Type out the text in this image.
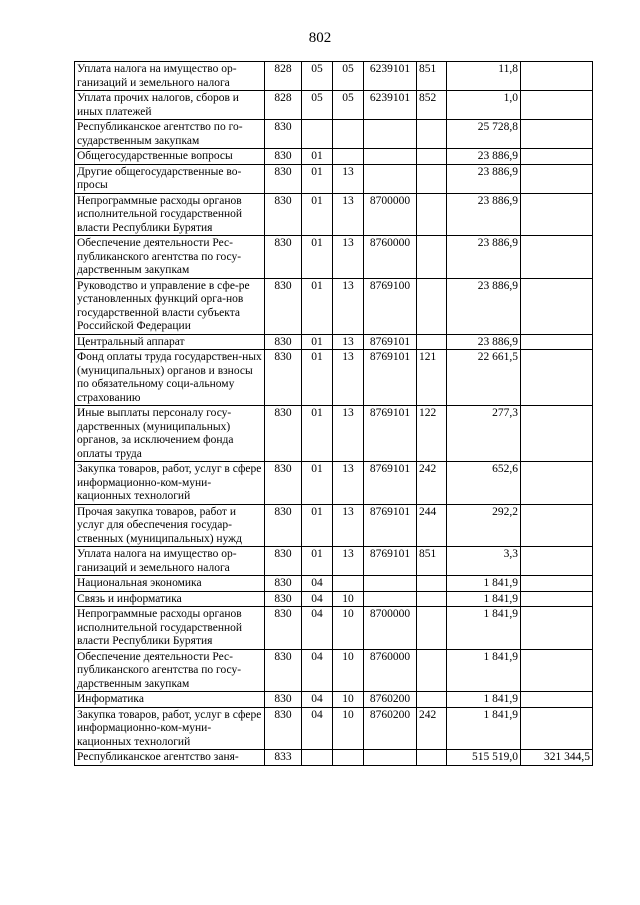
802
Уплата налога на имущество ор-ганизаций и земельного налога	828	05	05	6239101	851	11,8	
Уплата прочих налогов, сборов и иных платежей	828	05	05	6239101	852	1,0	
Республиканское агентство по го-сударственным закупкам	830					25 728,8	
Общегосударственные вопросы	830	01				23 886,9	
Другие общегосударственные во-просы	830	01	13			23 886,9	
Непрограммные расходы органов исполнительной государственной власти Республики Бурятия	830	01	13	8700000		23 886,9	
Обеспечение деятельности Рес-публиканского агентства по госу-дарственным закупкам	830	01	13	8760000		23 886,9	
Руководство и управление в сфе-ре установленных функций орга-нов государственной власти субъекта Российской Федерации	830	01	13	8769100		23 886,9	
Центральный аппарат	830	01	13	8769101		23 886,9	
Фонд оплаты труда государствен-ных (муниципальных) органов и взносы по обязательному соци-альному страхованию	830	01	13	8769101	121	22 661,5	
Иные выплаты персоналу госу-дарственных (муниципальных) органов, за исключением фонда оплаты труда	830	01	13	8769101	122	277,3	
Закупка товаров, работ, услуг в сфере информационно-ком-муни-кационных технологий	830	01	13	8769101	242	652,6	
Прочая закупка товаров, работ и услуг для обеспечения государ-ственных (муниципальных) нужд	830	01	13	8769101	244	292,2	
Уплата налога на имущество ор-ганизаций и земельного налога	830	01	13	8769101	851	3,3	
Национальная экономика	830	04				1 841,9	
Связь и информатика	830	04	10			1 841,9	
Непрограммные расходы органов исполнительной государственной власти Республики Бурятия	830	04	10	8700000		1 841,9	
Обеспечение деятельности Рес-публиканского агентства по госу-дарственным закупкам	830	04	10	8760000		1 841,9	
Информатика	830	04	10	8760200		1 841,9	
Закупка товаров, работ, услуг в сфере информационно-ком-муни-кационных технологий	830	04	10	8760200	242	1 841,9	
Республиканское агентство заня-	833					515 519,0	321 344,5
